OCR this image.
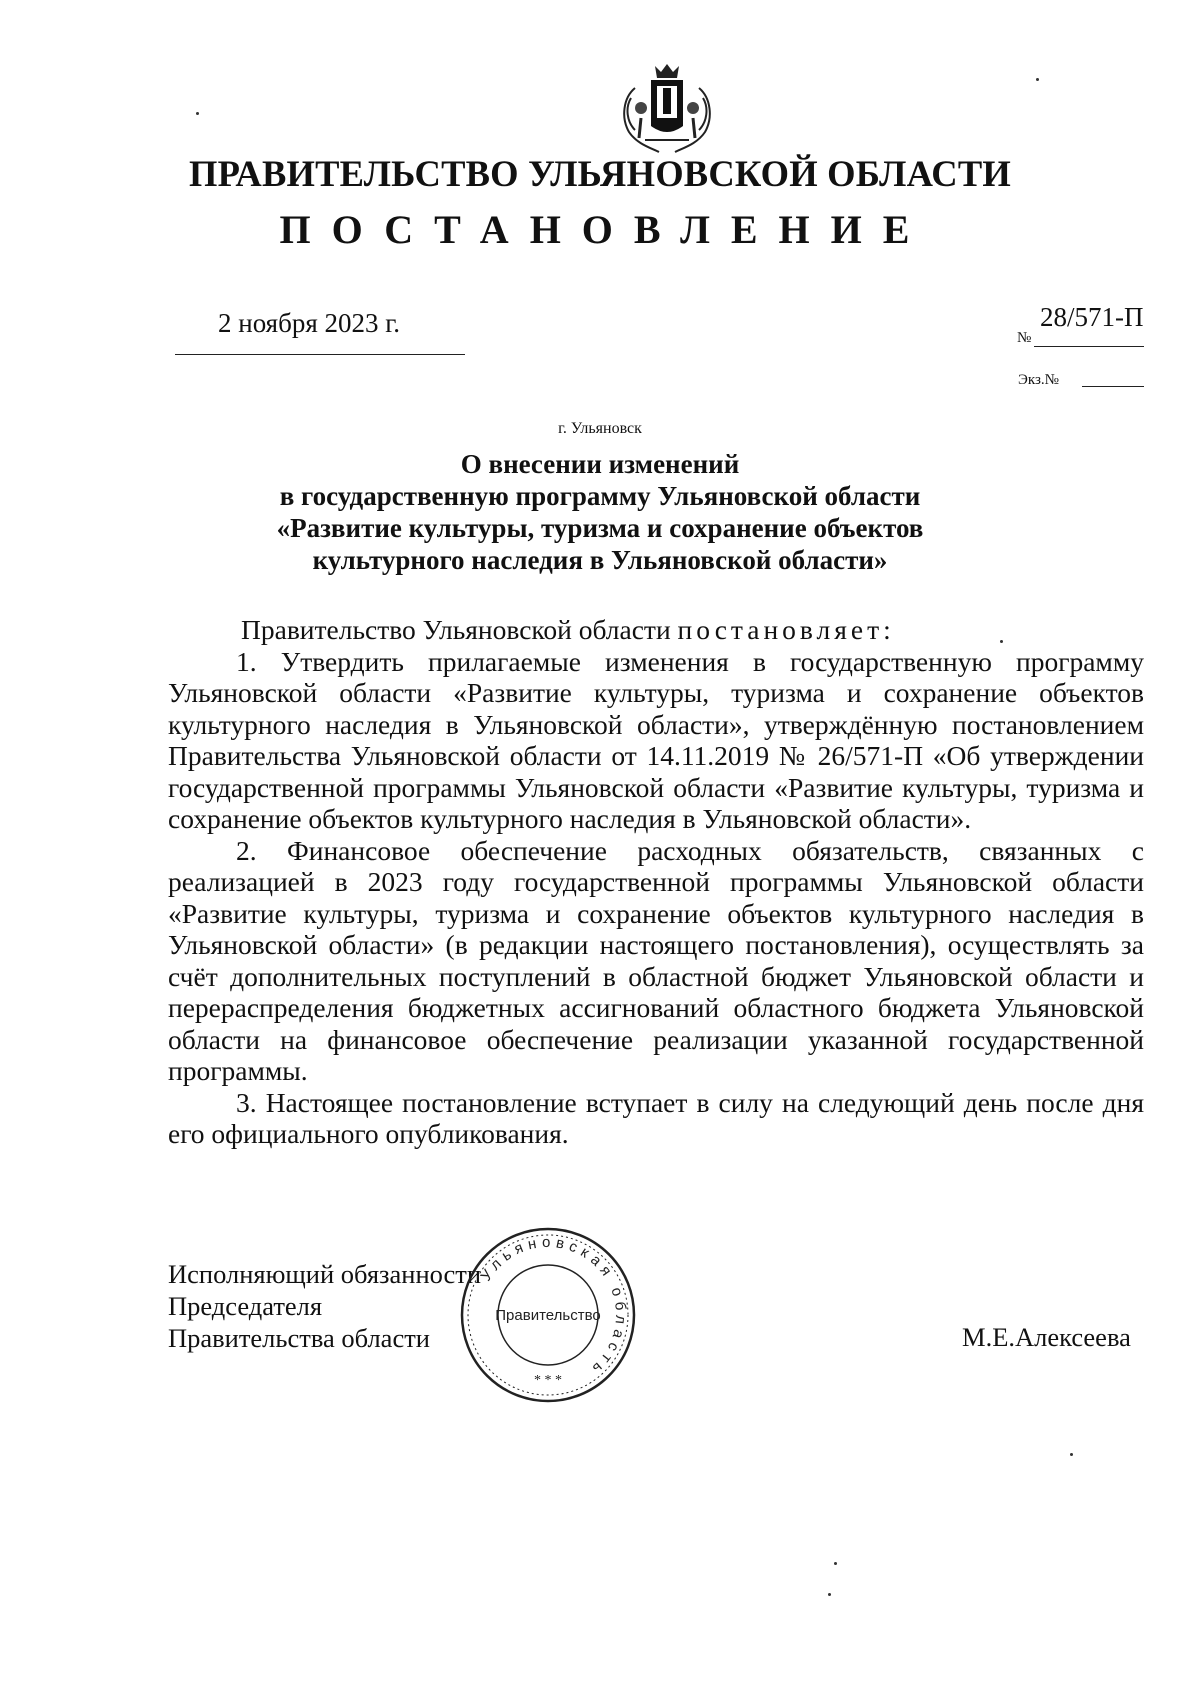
ПРАВИТЕЛЬСТВО УЛЬЯНОВСКОЙ ОБЛАСТИ
ПОСТАНОВЛЕНИЕ
2 ноября 2023 г.	№
28/571-П
Экз.№
г. Ульяновск
О внесении изменений
в государственную программу Ульяновской области
«Развитие культуры, туризма и сохранение объектов
культурного наследия в Ульяновской области»

Правительство Ульяновской области постановляет:

1. Утвердить прилагаемые изменения в государственную программу Ульяновской области «Развитие культуры, туризма и сохранение объектов культурного наследия в Ульяновской области», утверждённую постановлением Правительства Ульяновской области от 14.11.2019 № 26/571-П «Об утверждении государственной программы Ульяновской области «Развитие культуры, туризма и сохранение объектов культурного наследия в Ульяновской области».

2. Финансовое обеспечение расходных обязательств, связанных с реализацией в 2023 году государственной программы Ульяновской области «Развитие культуры, туризма и сохранение объектов культурного наследия в Ульяновской области» (в редакции настоящего постановления), осуществлять за счёт дополнительных поступлений в областной бюджет Ульяновской области и перераспределения бюджетных ассигнований областного бюджета Ульяновской области на финансовое обеспечение реализации указанной государственной программы.

3. Настоящее постановление вступает в силу на следующий день после дня его официального опубликования.

Исполняющий обязанности
Председателя
Правительства области	М.Е.Алексеева
Ульяновская область
Правительство
* * *
